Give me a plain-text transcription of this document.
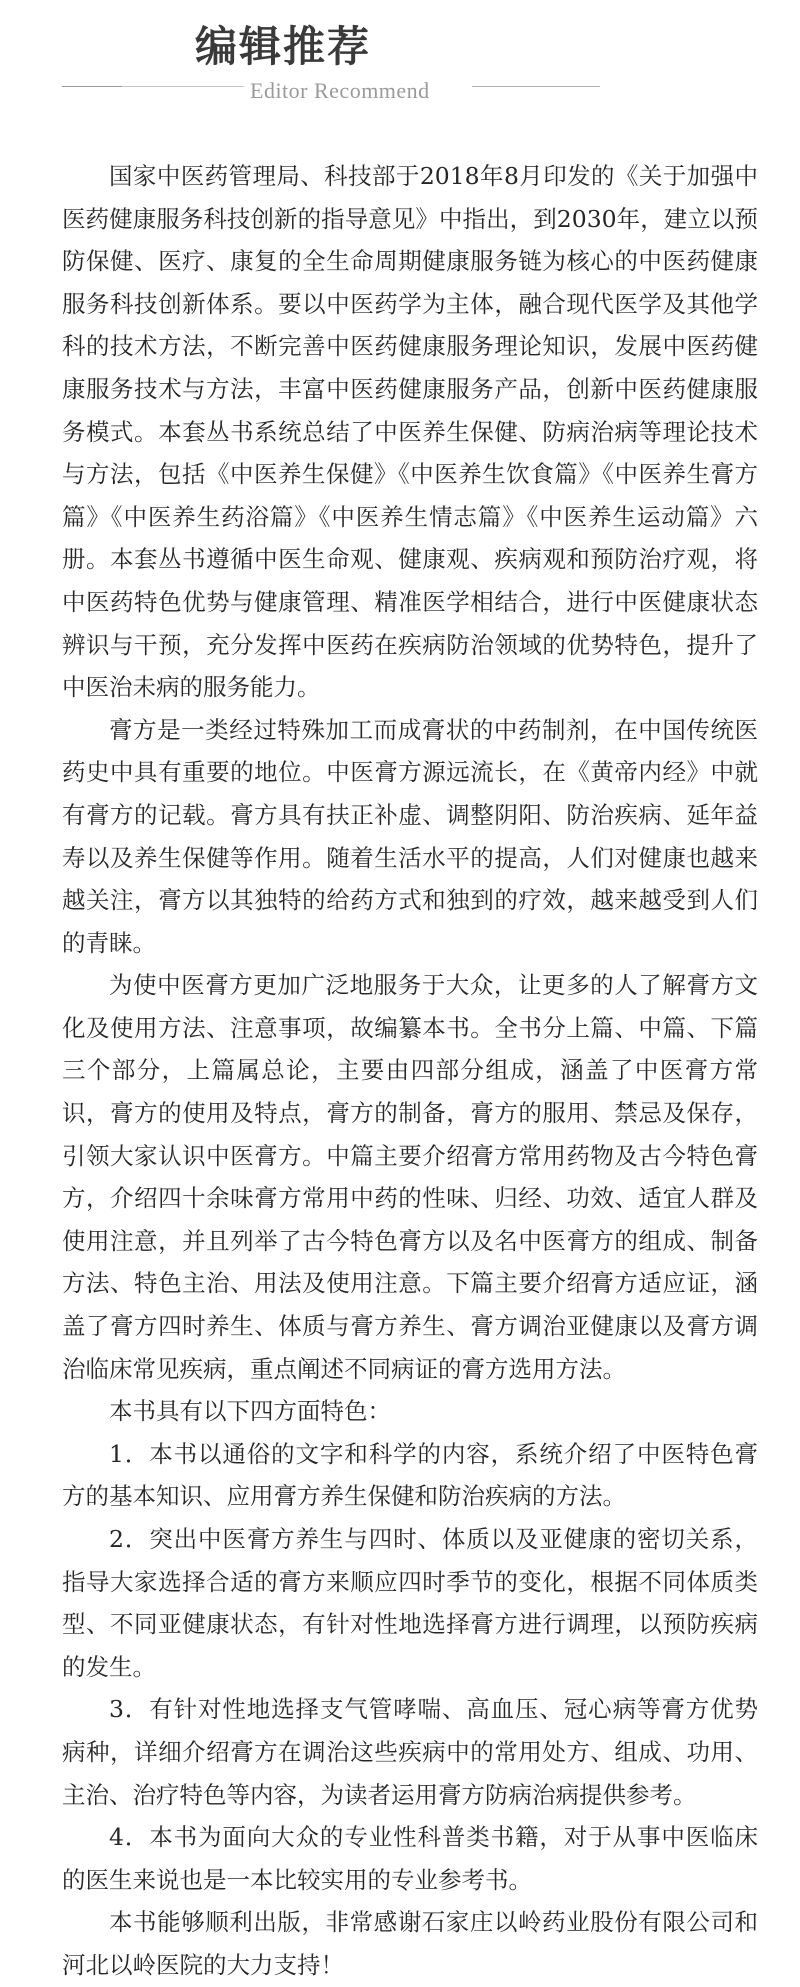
编辑推荐
Editor Recommend

国家中医药管理局、科技部于2018年8月印发的《关于加强中医药健康服务科技创新的指导意见》中指出，到2030年，建立以预防保健、医疗、康复的全生命周期健康服务链为核心的中医药健康服务科技创新体系。要以中医药学为主体，融合现代医学及其他学科的技术方法，不断完善中医药健康服务理论知识，发展中医药健康服务技术与方法，丰富中医药健康服务产品，创新中医药健康服务模式。本套丛书系统总结了中医养生保健、防病治病等理论技术与方法，包括《中医养生保健》《中医养生饮食篇》《中医养生膏方篇》《中医养生药浴篇》《中医养生情志篇》《中医养生运动篇》六册。本套丛书遵循中医生命观、健康观、疾病观和预防治疗观，将中医药特色优势与健康管理、精准医学相结合，进行中医健康状态辨识与干预，充分发挥中医药在疾病防治领域的优势特色，提升了中医治未病的服务能力。

膏方是一类经过特殊加工而成膏状的中药制剂，在中国传统医药史中具有重要的地位。中医膏方源远流长，在《黄帝内经》中就有膏方的记载。膏方具有扶正补虚、调整阴阳、防治疾病、延年益寿以及养生保健等作用。随着生活水平的提高，人们对健康也越来越关注，膏方以其独特的给药方式和独到的疗效，越来越受到人们的青睐。

为使中医膏方更加广泛地服务于大众，让更多的人了解膏方文化及使用方法、注意事项，故编纂本书。全书分上篇、中篇、下篇三个部分，上篇属总论，主要由四部分组成，涵盖了中医膏方常识，膏方的使用及特点，膏方的制备，膏方的服用、禁忌及保存，引领大家认识中医膏方。中篇主要介绍膏方常用药物及古今特色膏方，介绍四十余味膏方常用中药的性味、归经、功效、适宜人群及使用注意，并且列举了古今特色膏方以及名中医膏方的组成、制备方法、特色主治、用法及使用注意。下篇主要介绍膏方适应证，涵盖了膏方四时养生、体质与膏方养生、膏方调治亚健康以及膏方调治临床常见疾病，重点阐述不同病证的膏方选用方法。

本书具有以下四方面特色：

1．本书以通俗的文字和科学的内容，系统介绍了中医特色膏方的基本知识、应用膏方养生保健和防治疾病的方法。

2．突出中医膏方养生与四时、体质以及亚健康的密切关系，指导大家选择合适的膏方来顺应四时季节的变化，根据不同体质类型、不同亚健康状态，有针对性地选择膏方进行调理，以预防疾病的发生。

3．有针对性地选择支气管哮喘、高血压、冠心病等膏方优势病种，详细介绍膏方在调治这些疾病中的常用处方、组成、功用、主治、治疗特色等内容，为读者运用膏方防病治病提供参考。

4．本书为面向大众的专业性科普类书籍，对于从事中医临床的医生来说也是一本比较实用的专业参考书。

本书能够顺利出版，非常感谢石家庄以岭药业股份有限公司和河北以岭医院的大力支持！
